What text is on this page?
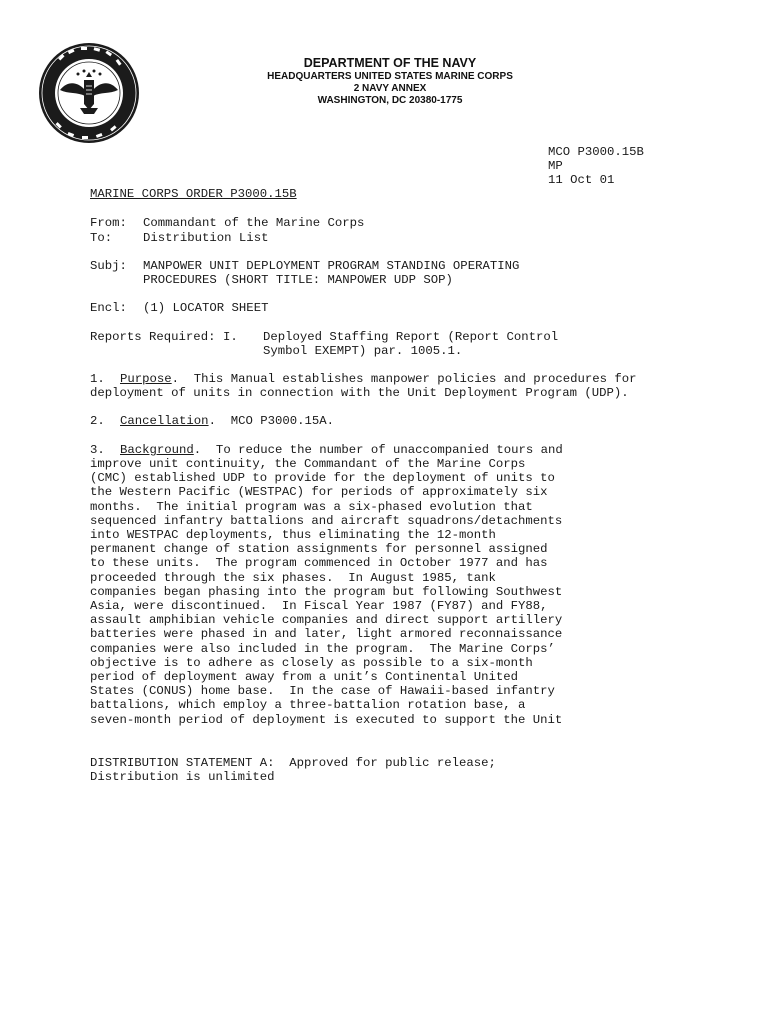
DEPARTMENT OF THE NAVY
HEADQUARTERS UNITED STATES MARINE CORPS
2 NAVY ANNEX
WASHINGTON, DC 20380-1775
MCO P3000.15B
MP
11 Oct 01
MARINE CORPS ORDER P3000.15B
From: Commandant of the Marine Corps
To:	Distribution List
Subj: MANPOWER UNIT DEPLOYMENT PROGRAM STANDING OPERATING
PROCEDURES (SHORT TITLE: MANPOWER UDP SOP)
Encl: (1) LOCATOR SHEET
Reports Required: I. Deployed Staffing Report (Report Control
Symbol EXEMPT) par. 1005.1.
1. Purpose.  This Manual establishes manpower policies and procedures for
deployment of units in connection with the Unit Deployment Program (UDP).
2. Cancellation.  MCO P3000.15A.
3. Background.  To reduce the number of unaccompanied tours and
improve unit continuity, the Commandant of the Marine Corps
(CMC) established UDP to provide for the deployment of units to
the Western Pacific (WESTPAC) for periods of approximately six
months.  The initial program was a six-phased evolution that
sequenced infantry battalions and aircraft squadrons/detachments
into WESTPAC deployments, thus eliminating the 12-month
permanent change of station assignments for personnel assigned
to these units.  The program commenced in October 1977 and has
proceeded through the six phases.  In August 1985, tank
companies began phasing into the program but following Southwest
Asia, were discontinued.  In Fiscal Year 1987 (FY87) and FY88,
assault amphibian vehicle companies and direct support artillery
batteries were phased in and later, light armored reconnaissance
companies were also included in the program.  The Marine Corps’
objective is to adhere as closely as possible to a six-month
period of deployment away from a unit’s Continental United
States (CONUS) home base.  In the case of Hawaii-based infantry
battalions, which employ a three-battalion rotation base, a
seven-month period of deployment is executed to support the Unit
DISTRIBUTION STATEMENT A:  Approved for public release;
Distribution is unlimited
